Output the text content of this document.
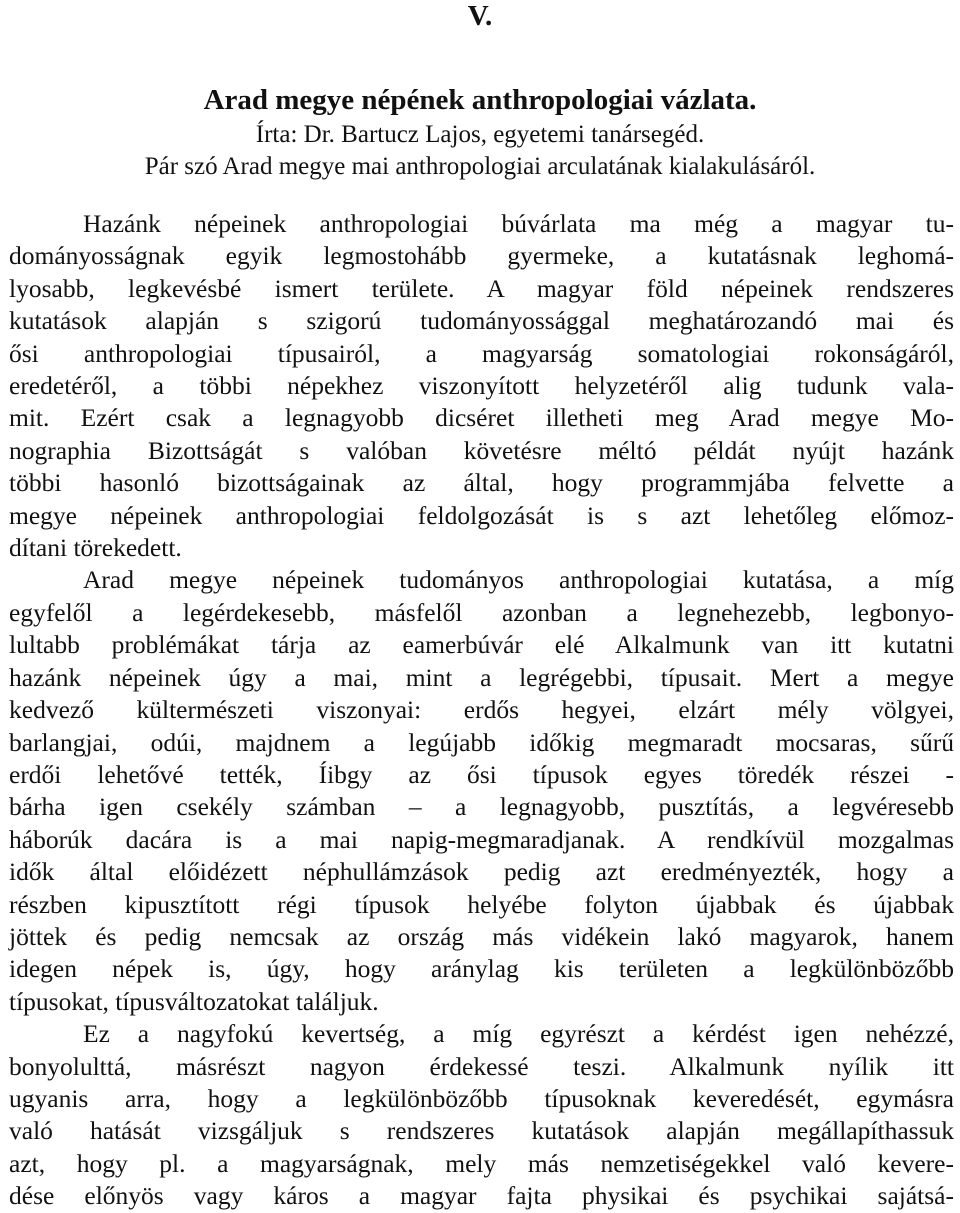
V.
Arad megye népének anthropologiai vázlata.
Írta: Dr. Bartucz Lajos, egyetemi tanársegéd.
Pár szó Arad megye mai anthropologiai arculatának kialakulásáról.
Hazánk népeinek anthropologiai búvárlata ma még a magyar tu-
dományosságnak egyik legmostohább gyermeke, a kutatásnak leghomá-
lyosabb, legkevésbé ismert területe. A magyar föld népeinek rendszeres
kutatások alapján s szigorú tudományossággal meghatározandó mai és
ősi anthropologiai típusairól, a magyarság somatologiai rokonságáról,
eredetéről, a többi népekhez viszonyított helyzetéről alig tudunk vala-
mit. Ezért csak a legnagyobb dicséret illetheti meg Arad megye Mo-
nographia Bizottságát s valóban követésre méltó példát nyújt hazánk
többi hasonló bizottságainak az által, hogy programmjába felvette a
megye népeinek anthropologiai feldolgozását is s azt lehetőleg előmoz-
dítani törekedett.
Arad megye népeinek tudományos anthropologiai kutatása, a míg
egyfelől a legérdekesebb, másfelől azonban a legnehezebb, legbonyo-
lultabb problémákat tárja az eamerbúvár elé Alkalmunk van itt kutatni
hazánk népeinek úgy a mai, mint a legrégebbi, típusait. Mert a megye
kedvező kültermészeti viszonyai: erdős hegyei, elzárt mély völgyei,
barlangjai, odúi, majdnem a legújabb időkig megmaradt mocsaras, sűrű
erdői lehetővé tették, Íibgy az ősi típusok egyes töredék részei -
bárha igen csekély számban – a legnagyobb, pusztítás, a legvéresebb
háborúk dacára is a mai napig-megmaradjanak. A rendkívül mozgalmas
idők által előidézett néphullámzások pedig azt eredményezték, hogy a
részben kipusztított régi típusok helyébe folyton újabbak és újabbak
jöttek és pedig nemcsak az ország más vidékein lakó magyarok, hanem
idegen népek is, úgy, hogy aránylag kis területen a legkülönbözőbb
típusokat, típusváltozatokat találjuk.
Ez a nagyfokú kevertség, a míg egyrészt a kérdést igen nehézzé,
bonyolulttá, másrészt nagyon érdekessé teszi. Alkalmunk nyílik itt
ugyanis arra, hogy a legkülönbözőbb típusoknak keveredését, egymásra
való hatását vizsgáljuk s rendszeres kutatások alapján megállapíthassuk
azt, hogy pl. a magyarságnak, mely más nemzetiségekkel való kevere-
dése előnyös vagy káros a magyar fajta physikai és psychikai sajátsá-
